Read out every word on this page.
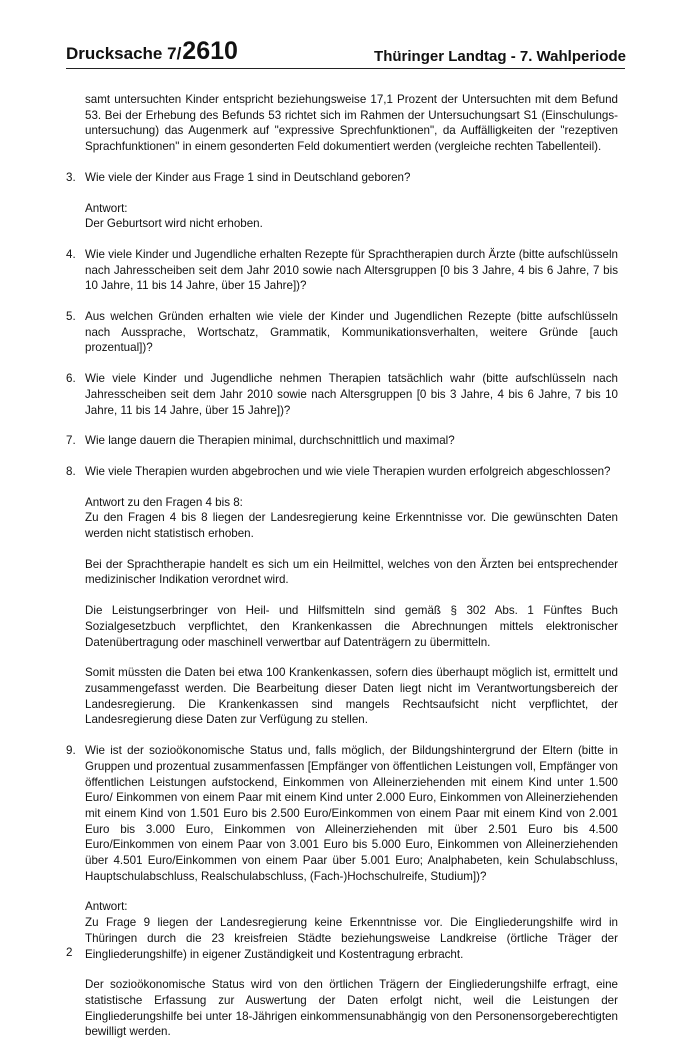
Drucksache 7/2610	Thüringer Landtag - 7. Wahlperiode
samt untersuchten Kinder entspricht beziehungsweise 17,1 Prozent der Untersuchten mit dem Befund 53. Bei der Erhebung des Befunds 53 richtet sich im Rahmen der Untersuchungsart S1 (Einschulungs-untersuchung) das Augenmerk auf "expressive Sprechfunktionen", da Auffälligkeiten der "rezeptiven Sprachfunktionen" in einem gesonderten Feld dokumentiert werden (vergleiche rechten Tabellenteil).
3. Wie viele der Kinder aus Frage 1 sind in Deutschland geboren?
Antwort:
Der Geburtsort wird nicht erhoben.
4. Wie viele Kinder und Jugendliche erhalten Rezepte für Sprachtherapien durch Ärzte (bitte aufschlüsseln nach Jahresscheiben seit dem Jahr 2010 sowie nach Altersgruppen [0 bis 3 Jahre, 4 bis 6 Jahre, 7 bis 10 Jahre, 11 bis 14 Jahre, über 15 Jahre])?
5. Aus welchen Gründen erhalten wie viele der Kinder und Jugendlichen Rezepte (bitte aufschlüsseln nach Aussprache, Wortschatz, Grammatik, Kommunikationsverhalten, weitere Gründe [auch prozentual])?
6. Wie viele Kinder und Jugendliche nehmen Therapien tatsächlich wahr (bitte aufschlüsseln nach Jahresscheiben seit dem Jahr 2010 sowie nach Altersgruppen [0 bis 3 Jahre, 4 bis 6 Jahre, 7 bis 10 Jahre, 11 bis 14 Jahre, über 15 Jahre])?
7. Wie lange dauern die Therapien minimal, durchschnittlich und maximal?
8. Wie viele Therapien wurden abgebrochen und wie viele Therapien wurden erfolgreich abgeschlossen?
Antwort zu den Fragen 4 bis 8:
Zu den Fragen 4 bis 8 liegen der Landesregierung keine Erkenntnisse vor. Die gewünschten Daten werden nicht statistisch erhoben.
Bei der Sprachtherapie handelt es sich um ein Heilmittel, welches von den Ärzten bei entsprechender medizinischer Indikation verordnet wird.
Die Leistungserbringer von Heil- und Hilfsmitteln sind gemäß § 302 Abs. 1 Fünftes Buch Sozialgesetzbuch verpflichtet, den Krankenkassen die Abrechnungen mittels elektronischer Datenübertragung oder maschinell verwertbar auf Datenträgern zu übermitteln.
Somit müssten die Daten bei etwa 100 Krankenkassen, sofern dies überhaupt möglich ist, ermittelt und zusammengefasst werden. Die Bearbeitung dieser Daten liegt nicht im Verantwortungsbereich der Landesregierung. Die Krankenkassen sind mangels Rechtsaufsicht nicht verpflichtet, der Landesregierung diese Daten zur Verfügung zu stellen.
9. Wie ist der sozioökonomische Status und, falls möglich, der Bildungshintergrund der Eltern (bitte in Gruppen und prozentual zusammenfassen [Empfänger von öffentlichen Leistungen voll, Empfänger von öffentlichen Leistungen aufstockend, Einkommen von Alleinerziehenden mit einem Kind unter 1.500 Euro/ Einkommen von einem Paar mit einem Kind unter 2.000 Euro, Einkommen von Alleinerziehenden mit einem Kind von 1.501 Euro bis 2.500 Euro/Einkommen von einem Paar mit einem Kind von 2.001 Euro bis 3.000 Euro, Einkommen von Alleinerziehenden mit über 2.501 Euro bis 4.500 Euro/Einkommen von einem Paar von 3.001 Euro bis 5.000 Euro, Einkommen von Alleinerziehenden über 4.501 Euro/Einkommen von einem Paar über 5.001 Euro; Analphabeten, kein Schulabschluss, Hauptschulabschluss, Realschulabschluss, (Fach-)Hochschulreife, Studium])?
Antwort:
Zu Frage 9 liegen der Landesregierung keine Erkenntnisse vor. Die Eingliederungshilfe wird in Thüringen durch die 23 kreisfreien Städte beziehungsweise Landkreise (örtliche Träger der Eingliederungshilfe) in eigener Zuständigkeit und Kostentragung erbracht.
Der sozioökonomische Status wird von den örtlichen Trägern der Eingliederungshilfe erfragt, eine statistische Erfassung zur Auswertung der Daten erfolgt nicht, weil die Leistungen der Eingliederungshilfe bei unter 18-Jährigen einkommensunabhängig von den Personensorgeberechtigten bewilligt werden.
2
